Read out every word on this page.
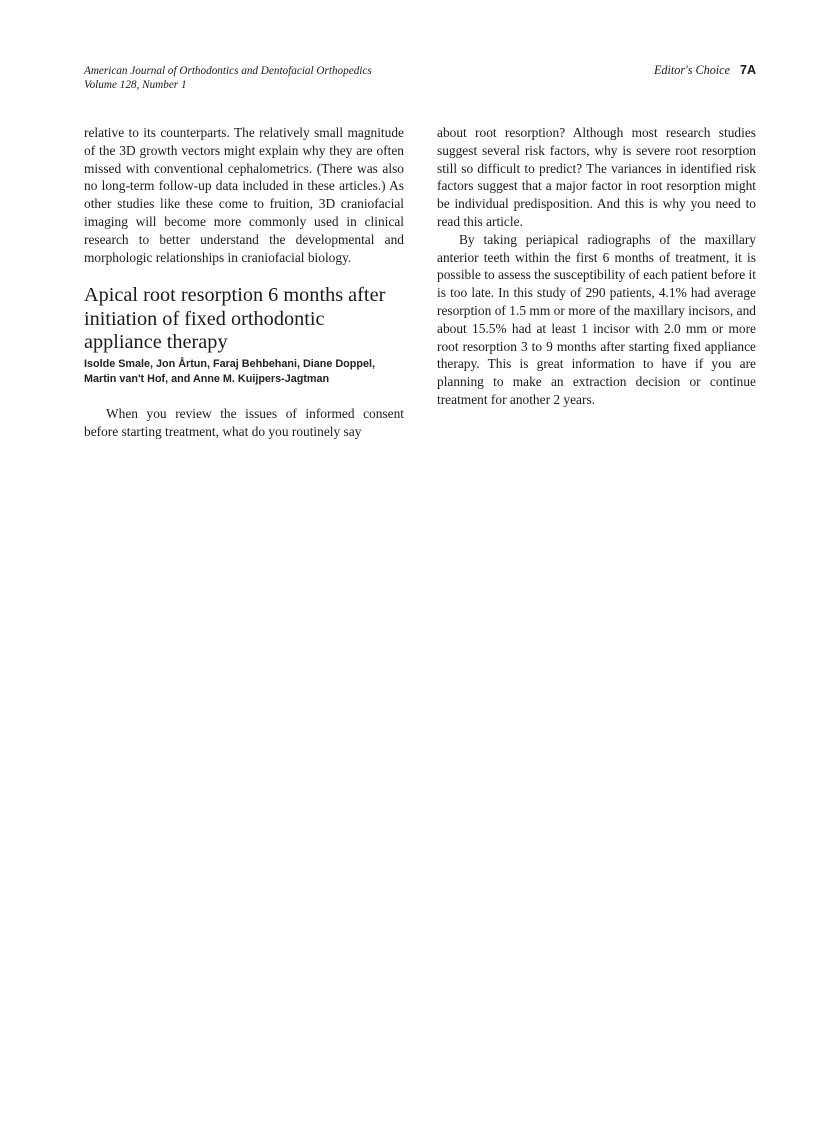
American Journal of Orthodontics and Dentofacial Orthopedics
Volume 128, Number 1
Editor's Choice 7A

relative to its counterparts. The relatively small magnitude of the 3D growth vectors might explain why they are often missed with conventional cephalometrics. (There was also no long-term follow-up data included in these articles.) As other studies like these come to fruition, 3D craniofacial imaging will become more commonly used in clinical research to better understand the developmental and morphologic relationships in craniofacial biology.

Apical root resorption 6 months after initiation of fixed orthodontic appliance therapy
Isolde Smale, Jon Årtun, Faraj Behbehani, Diane Doppel, Martin van't Hof, and Anne M. Kuijpers-Jagtman

When you review the issues of informed consent before starting treatment, what do you routinely say

about root resorption? Although most research studies suggest several risk factors, why is severe root resorption still so difficult to predict? The variances in identified risk factors suggest that a major factor in root resorption might be individual predisposition. And this is why you need to read this article.

By taking periapical radiographs of the maxillary anterior teeth within the first 6 months of treatment, it is possible to assess the susceptibility of each patient before it is too late. In this study of 290 patients, 4.1% had average resorption of 1.5 mm or more of the maxillary incisors, and about 15.5% had at least 1 incisor with 2.0 mm or more root resorption 3 to 9 months after starting fixed appliance therapy. This is great information to have if you are planning to make an extraction decision or continue treatment for another 2 years.
